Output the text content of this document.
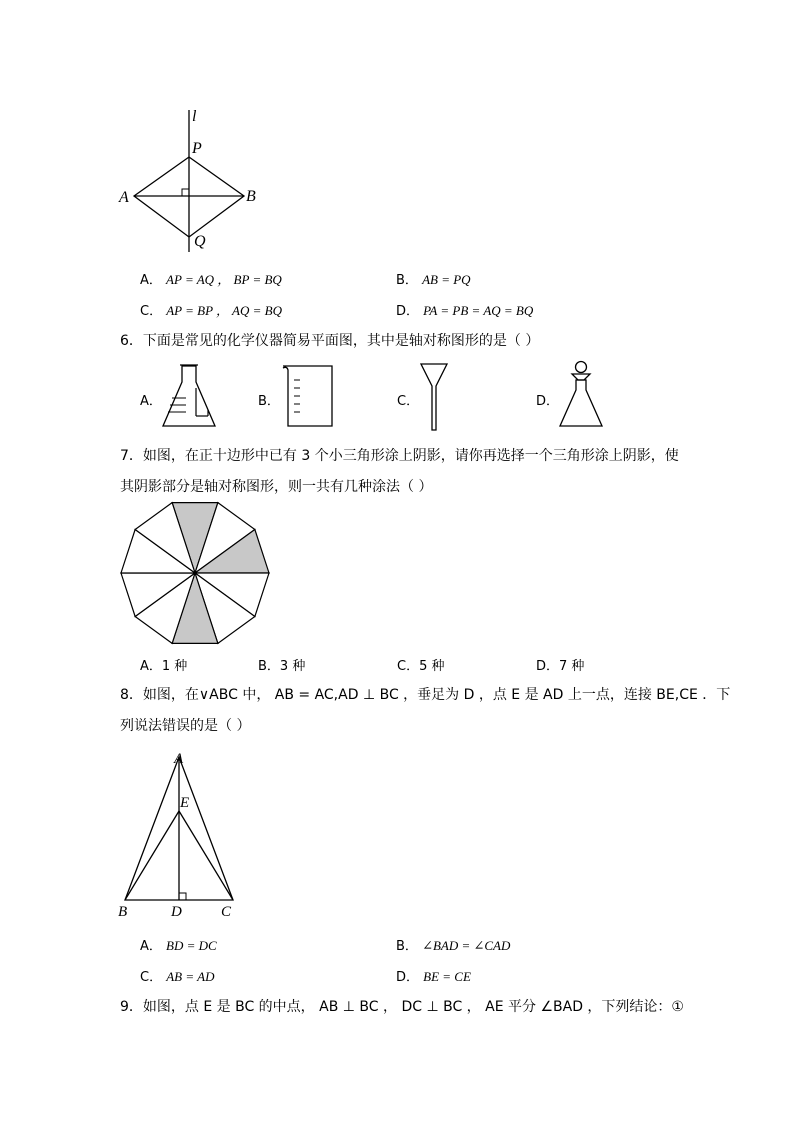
l
P
A	B
Q
A． AP = AQ ， BP = BQ	B． AB = PQ
C． AP = BP ， AQ = BQ	D． PA = PB = AQ = BQ
6．下面是常见的化学仪器简易平面图，其中是轴对称图形的是（ ）
A．	B．	C．	D．
7．如图，在正十边形中已有 3 个小三角形涂上阴影，请你再选择一个三角形涂上阴影，使
其阴影部分是轴对称图形，则一共有几种涂法（ ）
A．1 种	B．3 种	C．5 种	D．7 种
8．如图，在∨ABC 中， AB = AC,AD ⊥ BC ，垂足为 D ，点 E 是 AD 上一点，连接 BE,CE ．下
列说法错误的是（ ）
A
E
B	D	C
A． BD = DC	B． ∠BAD = ∠CAD
C． AB = AD	D． BE = CE
9．如图，点 E 是 BC 的中点， AB ⊥ BC ， DC ⊥ BC ， AE 平分 ∠BAD ，下列结论：①
